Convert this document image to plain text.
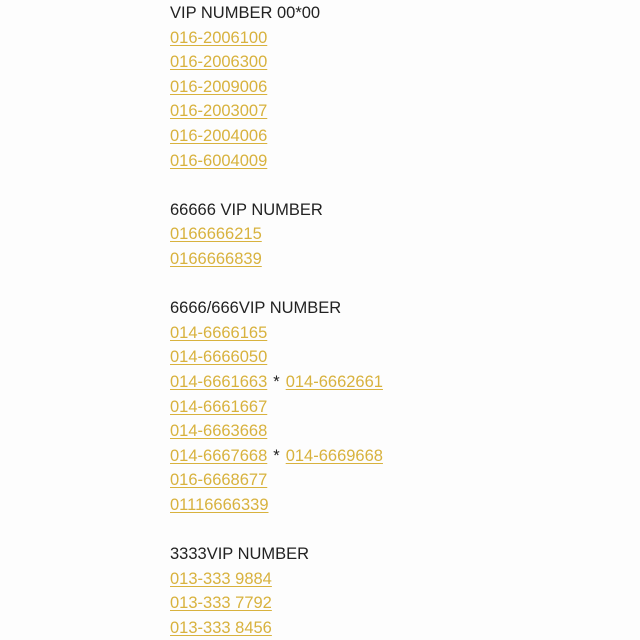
VIP NUMBER 00*00
016-2006100
016-2006300
016-2009006
016-2003007
016-2004006
016-6004009
66666 VIP NUMBER
0166666215
0166666839
6666/666VIP NUMBER
014-6666165
014-6666050
014-6661663 * 014-6662661
014-6661667
014-6663668
014-6667668 * 014-6669668
016-6668677
01116666339
3333VIP NUMBER
013-333 9884
013-333 7792
013-333 8456
